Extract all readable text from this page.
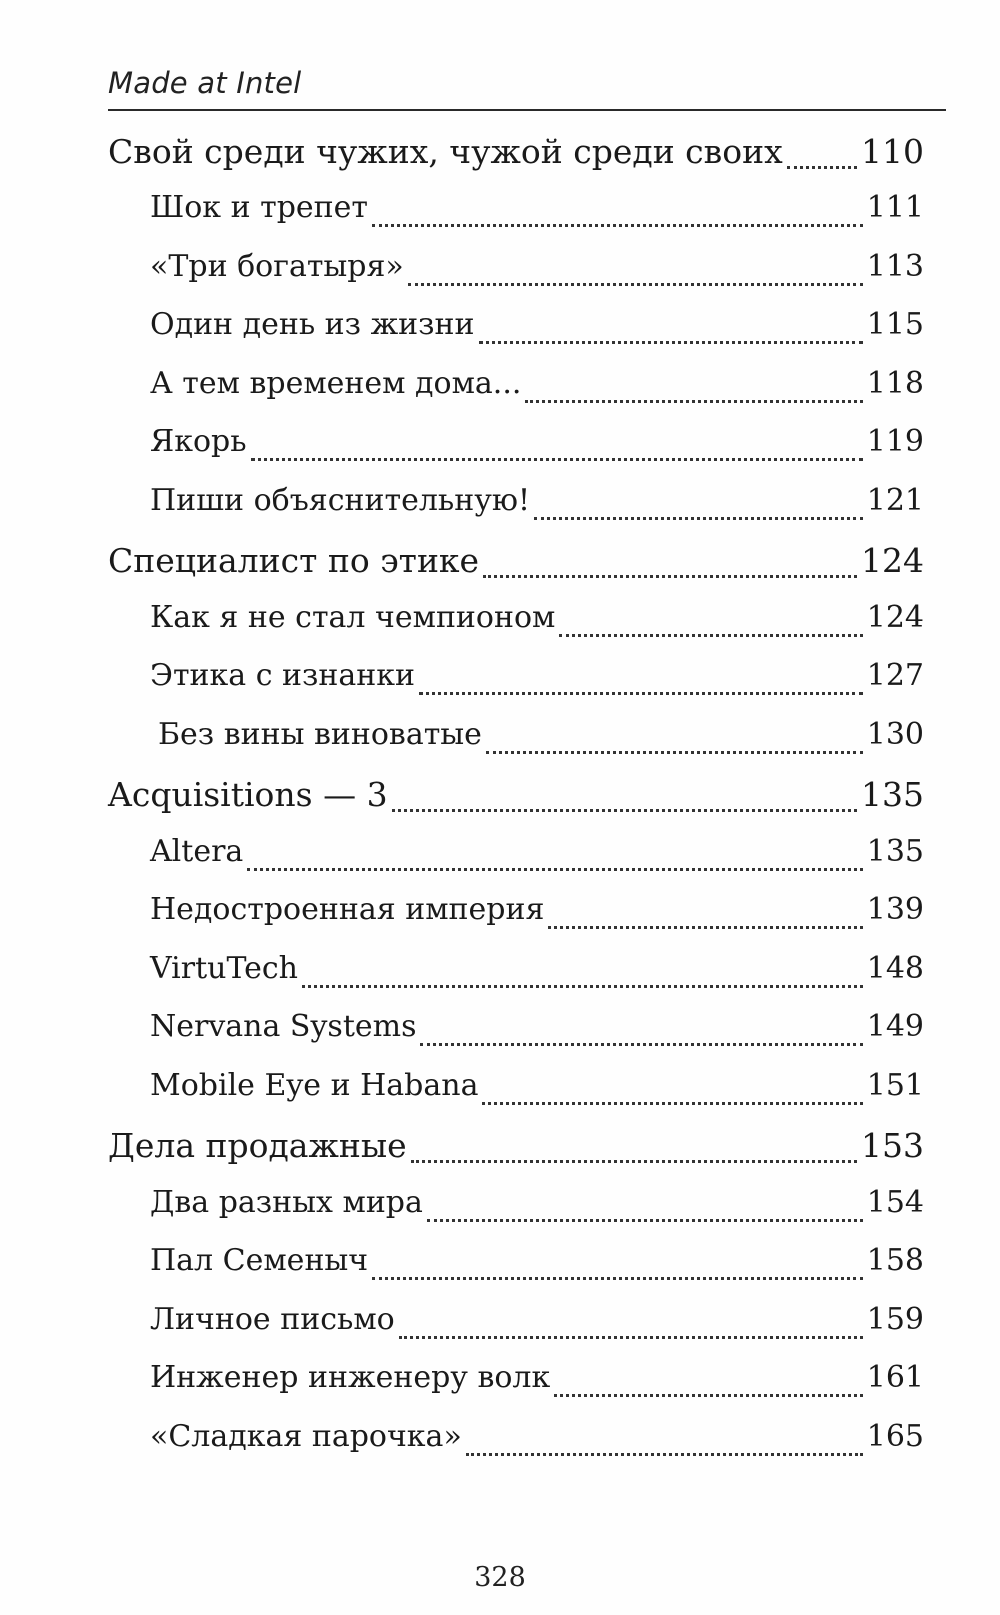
Made at Intel
Свой среди чужих, чужой среди своих 110
Шок и трепет	111
«Три богатыря»	113
Один день из жизни	115
А тем временем дома...	118
Якорь	119
Пиши объяснительную!	121
Специалист по этике	124
Как я не стал чемпионом	124
Этика с изнанки	127
Без вины виноватые	130
Acquisitions — 3	135
Altera	135
Недостроенная империя	139
VirtuTech	148
Nervana Systems	149
Mobile Eye и Habana	151
Дела продажные	153
Два разных мира	154
Пал Семеныч	158
Личное письмо	159
Инженер инженеру волк	161
«Сладкая парочка»	165
328
